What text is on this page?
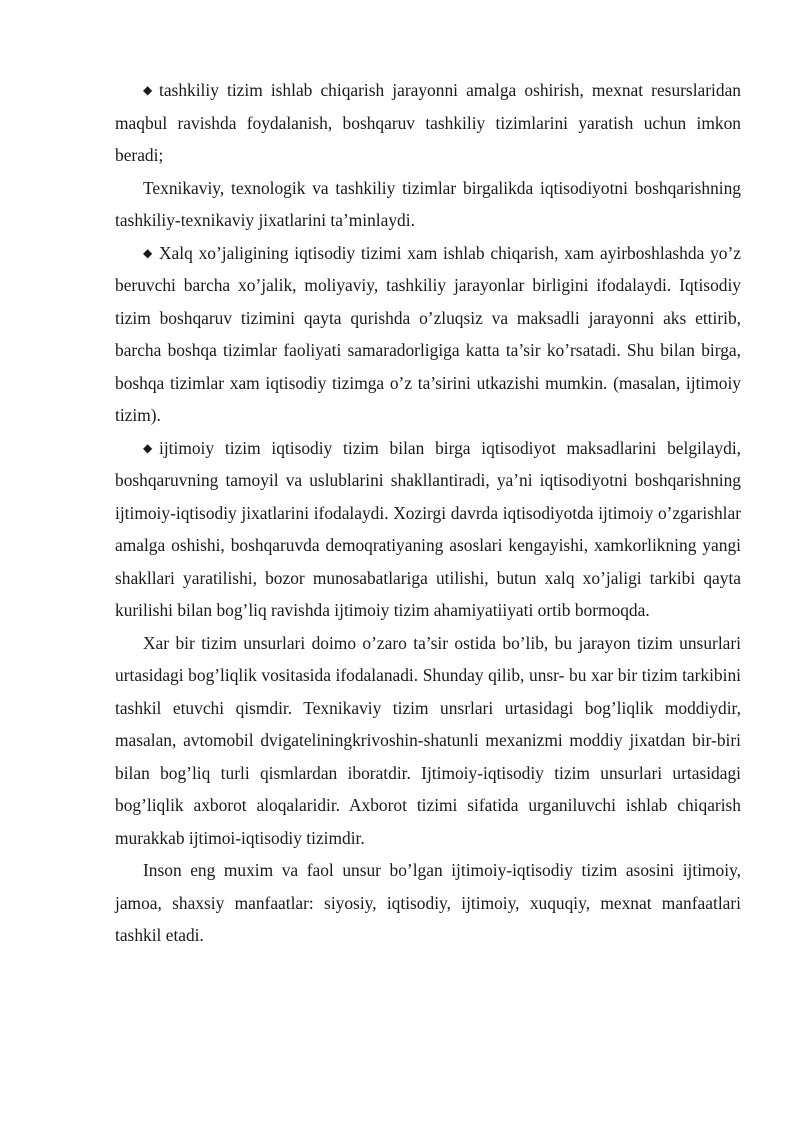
◆ tashkiliy tizim ishlab chiqarish jarayonni amalga oshirish, mexnat resurslaridan maqbul ravishda foydalanish, boshqaruv tashkiliy tizimlarini yaratish uchun imkon beradi;

Texnikaviy, texnologik va tashkiliy tizimlar birgalikda iqtisodiyotni boshqarishning tashkiliy-texnikaviy jixatlarini ta’minlaydi.

◆ Xalq xo’jaligining iqtisodiy tizimi xam ishlab chiqarish, xam ayirboshlashda yo’z beruvchi barcha xo’jalik, moliyaviy, tashkiliy jarayonlar birligini ifodalaydi. Iqtisodiy tizim boshqaruv tizimini qayta qurishda o’zluqsiz va maksadli jarayonni aks ettirib, barcha boshqa tizimlar faoliyati samaradorligiga katta ta’sir ko’rsatadi. Shu bilan birga, boshqa tizimlar xam iqtisodiy tizimga o’z ta’sirini utkazishi mumkin. (masalan, ijtimoiy tizim).

◆ ijtimoiy tizim iqtisodiy tizim bilan birga iqtisodiyot maksadlarini belgilaydi, boshqaruvning tamoyil va uslublarini shakllantiradi, ya’ni iqtisodiyotni boshqarishning ijtimoiy-iqtisodiy jixatlarini ifodalaydi. Xozirgi davrda iqtisodiyotda ijtimoiy o’zgarishlar amalga oshishi, boshqaruvda demoqratiyaning asoslari kengayishi, xamkorlikning yangi shakllari yaratilishi, bozor munosabatlariga utilishi, butun xalq xo’jaligi tarkibi qayta kurilishi bilan bog’liq ravishda ijtimoiy tizim ahamiyatiiyati ortib bormoqda.

Xar bir tizim unsurlari doimo o’zaro ta’sir ostida bo’lib, bu jarayon tizim unsurlari urtasidagi bog’liqlik vositasida ifodalanadi. Shunday qilib, unsr- bu xar bir tizim tarkibini tashkil etuvchi qismdir. Texnikaviy tizim unsrlari urtasidagi bog’liqlik moddiydir, masalan, avtomobil dvigateliningkrivoshin-shatunli mexanizmi moddiy jixatdan bir-biri bilan bog’liq turli qismlardan iboratdir. Ijtimoiy-iqtisodiy tizim unsurlari urtasidagi bog’liqlik axborot aloqalaridir. Axborot tizimi sifatida urganiluvchi ishlab chiqarish murakkab ijtimoi-iqtisodiy tizimdir.

Inson eng muxim va faol unsur bo’lgan ijtimoiy-iqtisodiy tizim asosini ijtimoiy, jamoa, shaxsiy manfaatlar: siyosiy, iqtisodiy, ijtimoiy, xuquqiy, mexnat manfaatlari tashkil etadi.
